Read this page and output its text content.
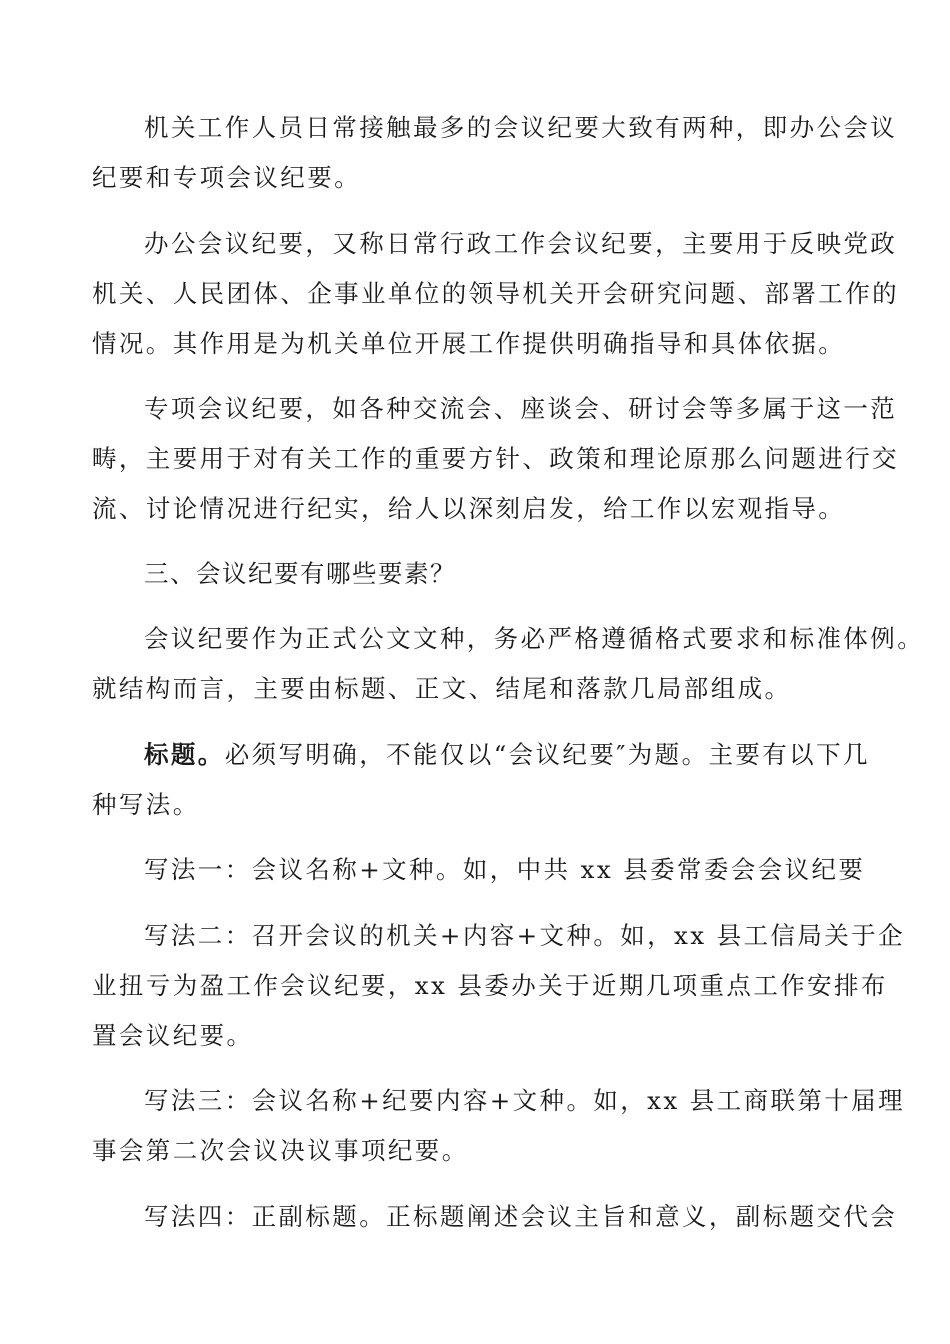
机关工作人员日常接触最多的会议纪要大致有两种，即办公会议
纪要和专项会议纪要。
办公会议纪要，又称日常行政工作会议纪要，主要用于反映党政
机关、人民团体、企事业单位的领导机关开会研究问题、部署工作的
情况。其作用是为机关单位开展工作提供明确指导和具体依据。
专项会议纪要，如各种交流会、座谈会、研讨会等多属于这一范
畴，主要用于对有关工作的重要方针、政策和理论原那么问题进行交
流、讨论情况进行纪实，给人以深刻启发，给工作以宏观指导。
三、会议纪要有哪些要素？
会议纪要作为正式公文文种，务必严格遵循格式要求和标准体例。
就结构而言，主要由标题、正文、结尾和落款几局部组成。
标题。必须写明确，不能仅以“会议纪要″为题。主要有以下几
种写法。
写法一：会议名称+文种。如，中共 xx 县委常委会会议纪要
写法二：召开会议的机关+内容+文种。如，xx 县工信局关于企
业扭亏为盈工作会议纪要，xx 县委办关于近期几项重点工作安排布
置会议纪要。
写法三：会议名称+纪要内容+文种。如，xx 县工商联第十届理
事会第二次会议决议事项纪要。
写法四：正副标题。正标题阐述会议主旨和意义，副标题交代会
